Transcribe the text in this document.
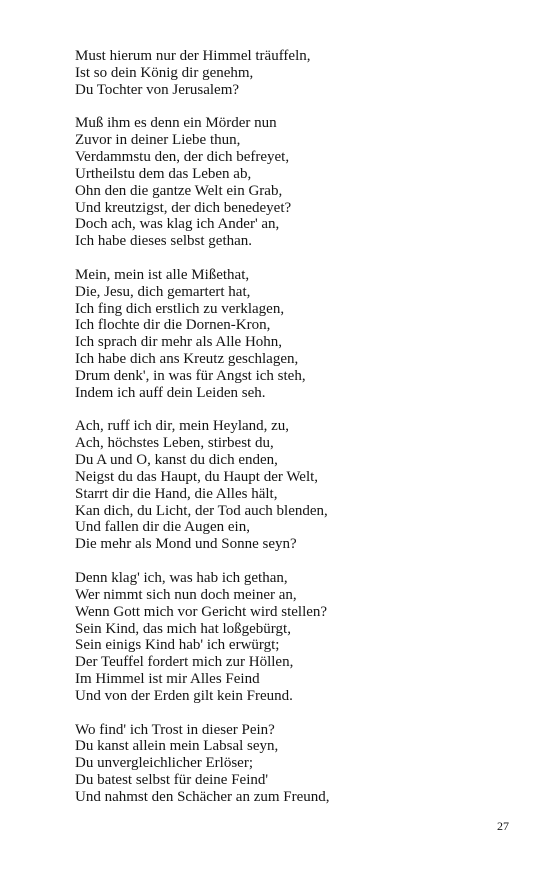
Must hierum nur der Himmel träuffeln,
Ist so dein König dir genehm,
Du Tochter von Jerusalem?
Muß ihm es denn ein Mörder nun
Zuvor in deiner Liebe thun,
Verdammstu den, der dich befreyet,
Urtheilstu dem das Leben ab,
Ohn den die gantze Welt ein Grab,
Und kreutzigst, der dich benedeyet?
Doch ach, was klag ich Ander' an,
Ich habe dieses selbst gethan.
Mein, mein ist alle Mißethat,
Die, Jesu, dich gemartert hat,
Ich fing dich erstlich zu verklagen,
Ich flochte dir die Dornen-Kron,
Ich sprach dir mehr als Alle Hohn,
Ich habe dich ans Kreutz geschlagen,
Drum denk', in was für Angst ich steh,
Indem ich auff dein Leiden seh.
Ach, ruff ich dir, mein Heyland, zu,
Ach, höchstes Leben, stirbest du,
Du A und O, kanst du dich enden,
Neigst du das Haupt, du Haupt der Welt,
Starrt dir die Hand, die Alles hält,
Kan dich, du Licht, der Tod auch blenden,
Und fallen dir die Augen ein,
Die mehr als Mond und Sonne seyn?
Denn klag' ich, was hab ich gethan,
Wer nimmt sich nun doch meiner an,
Wenn Gott mich vor Gericht wird stellen?
Sein Kind, das mich hat loßgebürgt,
Sein einigs Kind hab' ich erwürgt;
Der Teuffel fordert mich zur Höllen,
Im Himmel ist mir Alles Feind
Und von der Erden gilt kein Freund.
Wo find' ich Trost in dieser Pein?
Du kanst allein mein Labsal seyn,
Du unvergleichlicher Erlöser;
Du batest selbst für deine Feind'
Und nahmst den Schächer an zum Freund,
27
